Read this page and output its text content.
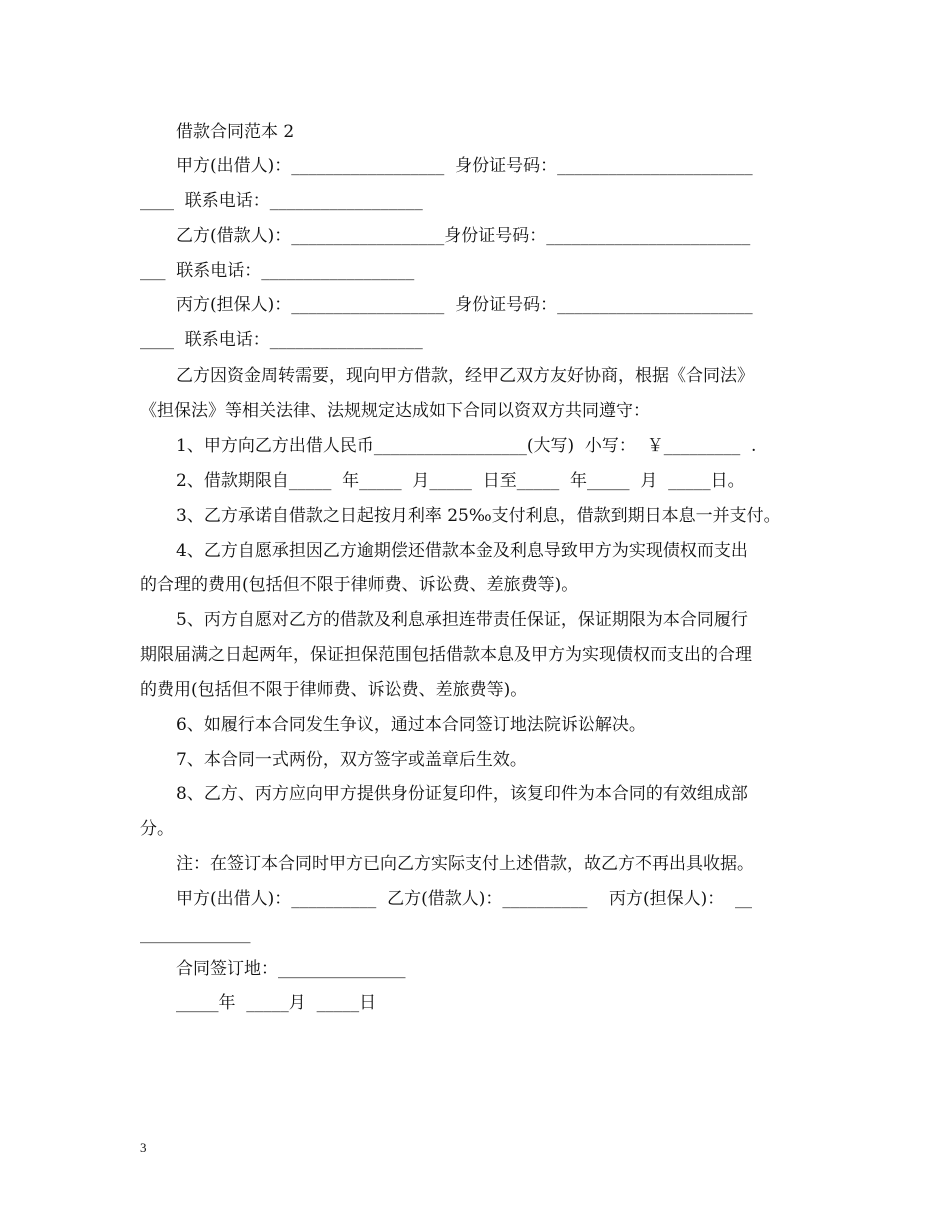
借款合同范本 2
甲方(出借人)：__________________  身份证号码：_______________________
____  联系电话：__________________
乙方(借款人)：__________________身份证号码：________________________
___  联系电话：__________________
丙方(担保人)：__________________  身份证号码：_______________________
____  联系电话：__________________
乙方因资金周转需要，现向甲方借款，经甲乙双方友好协商，根据《合同法》
《担保法》等相关法律、法规规定达成如下合同以资双方共同遵守：
1、甲方向乙方出借人民币__________________(大写)  小写：  ￥_________  .
2、借款期限自_____  年_____  月_____  日至_____  年_____  月  _____日。
3、乙方承诺自借款之日起按月利率 25‰支付利息，借款到期日本息一并支付。
4、乙方自愿承担因乙方逾期偿还借款本金及利息导致甲方为实现债权而支出
的合理的费用(包括但不限于律师费、诉讼费、差旅费等)。
5、丙方自愿对乙方的借款及利息承担连带责任保证，保证期限为本合同履行
期限届满之日起两年，保证担保范围包括借款本息及甲方为实现债权而支出的合理
的费用(包括但不限于律师费、诉讼费、差旅费等)。
6、如履行本合同发生争议，通过本合同签订地法院诉讼解决。
7、本合同一式两份，双方签字或盖章后生效。
8、乙方、丙方应向甲方提供身份证复印件，该复印件为本合同的有效组成部
分。
注：在签订本合同时甲方已向乙方实际支付上述借款，故乙方不再出具收据。
甲方(出借人)：__________  乙方(借款人)：__________    丙方(担保人)：  __
_____________
合同签订地：_______________
_____年  _____月  _____日
3
